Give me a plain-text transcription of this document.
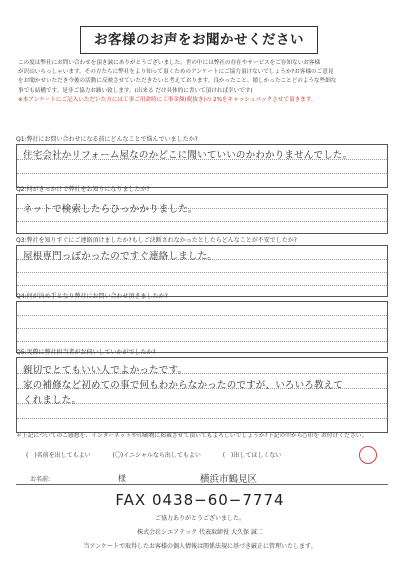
お客様のお声をお聞かせください
この度は弊社にお問い合わせを頂き誠にありがとうございました。世の中には弊社の存在やサービスをご存知ないお客様
が沢山いらっしゃいます。その方たちに弊社をより知って頂くためのアンケートにご協力頂けないでしょうか?お客様のご意見
をお聞かせいただき今後の活動に反映させていただきたいと考えております。良かったこと、嬉しかったことどのような些細な
事でも結構です。是非ご協力お願い致します。(出来る だけ具体的に書いて頂ければ幸いです)
※本アンケートにご記入いただいた方には工事ご用命時に工事金額(税抜き)の 2%をキャッシュバックさせて頂きます。
Q1:弊社にお問い合わせになる前にどんなことで悩んでいましたか?
住宅会社かリフォーム屋なのかどこに聞いていいのかわかりませんでした。
Q2:何がきっかけで弊社をお知りになりましたか?
ネットで検索したらひっかかりました。
Q3:弊社を知りすぐにご連絡頂けましたか?もしご決断されなかったとしたらどんなことが不安でしたか?
屋根専門っぽかったのですぐ連絡しました。
Q4:何が決め手となり弊社にお問い合わせ頂きましたか?
Q5:実際に弊社担当者がお伺いしていかがでしたか?
親切でとてもいい人でよかったです。
家の補修など初めての事で何もわからなかったのですが、いろいろ教えて
くれました。
＊上記についてのご感想を、インターネットや印刷物に掲載させて頂いてもよろしいでしょうか?下記の中から○印を お付けください。
(　)名前を出してもよい	(〇)イニシャルなら出してもよい	(　)出してほしくない
お名前:	様	横浜市鶴見区
FAX 0438−60−7774
ご協力ありがとうございました。
株式会社シエアテック 代表取締役 大久保 誠二
当アンケートで取得したお客様の個人情報は関係法規に基づき厳正に管理いたします。
